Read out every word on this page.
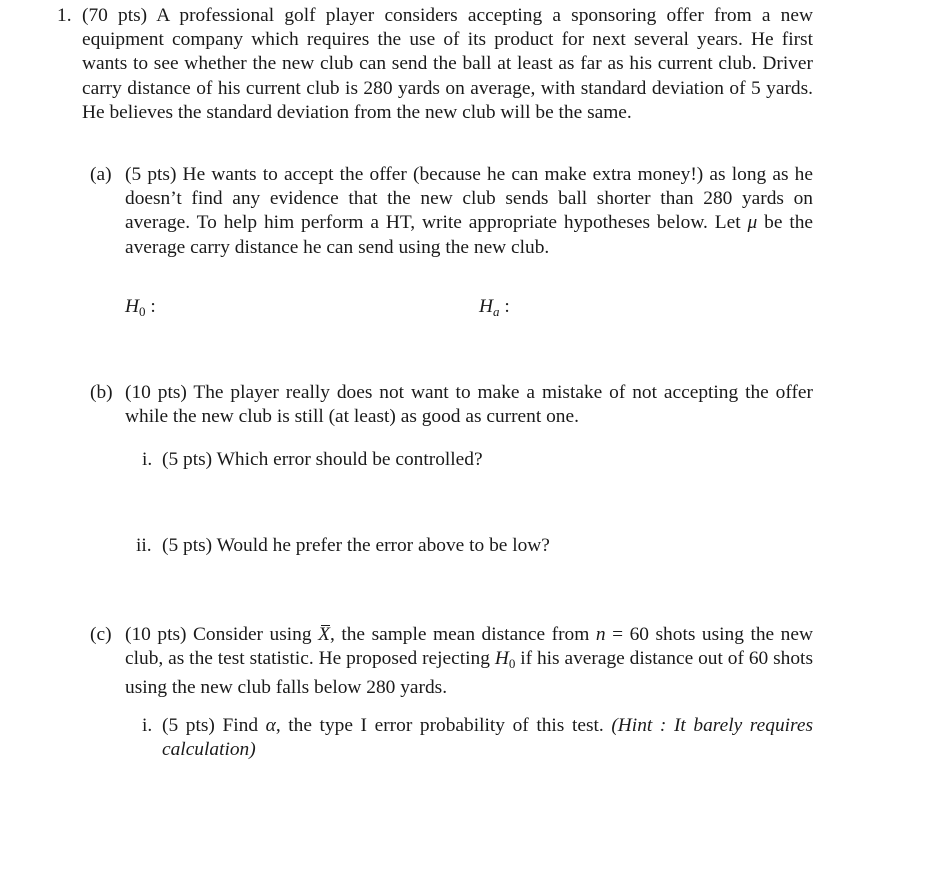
1. (70 pts) A professional golf player considers accepting a sponsoring offer from a new equipment company which requires the use of its product for next several years. He first wants to see whether the new club can send the ball at least as far as his current club. Driver carry distance of his current club is 280 yards on average, with standard deviation of 5 yards. He believes the standard deviation from the new club will be the same.

(a) (5 pts) He wants to accept the offer (because he can make extra money!) as long as he doesn’t find any evidence that the new club sends ball shorter than 280 yards on average. To help him perform a HT, write appropriate hypotheses below. Let μ be the average carry distance he can send using the new club.

$H_0$ :	$H_a$ :
(b) (10 pts) The player really does not want to make a mistake of not accepting the offer while the new club is still (at least) as good as current one.

i. (5 pts) Which error should be controlled?
ii. (5 pts) Would he prefer the error above to be low?
(c) (10 pts) Consider using X, the sample mean distance from n = 60 shots using the new club, as the test statistic. He proposed rejecting $H_0$ if his average distance out of 60 shots using the new club falls below 280 yards.

i. (5 pts) Find α, the type I error probability of this test. (Hint : It barely requires calculation)
